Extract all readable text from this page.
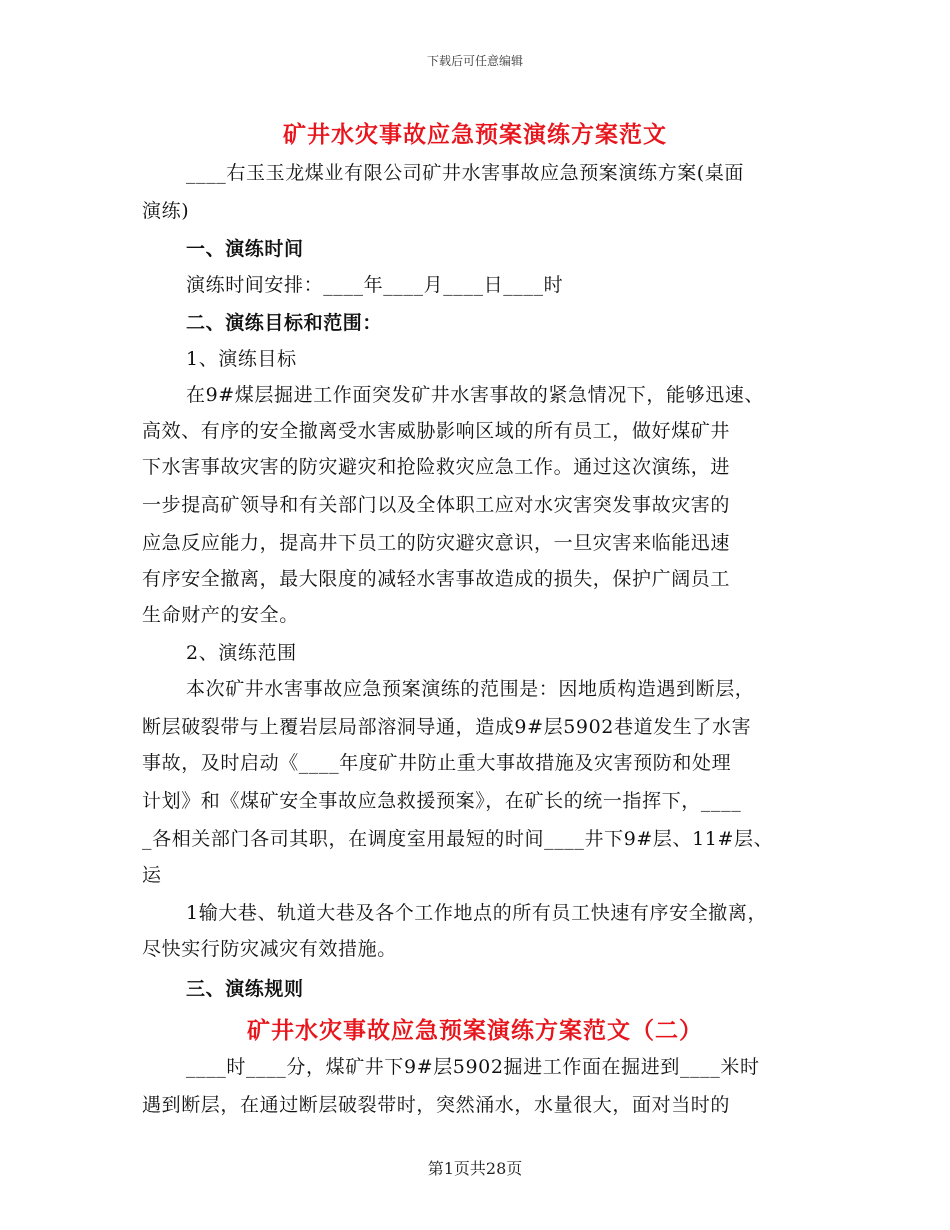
下载后可任意编辑
矿井水灾事故应急预案演练方案范文
____右玉玉龙煤业有限公司矿井水害事故应急预案演练方案(桌面
演练)
一、演练时间
演练时间安排：____年____月____日____时
二、演练目标和范围：
1、演练目标
在9#煤层掘进工作面突发矿井水害事故的紧急情况下，能够迅速、
高效、有序的安全撤离受水害威胁影响区域的所有员工，做好煤矿井
下水害事故灾害的防灾避灾和抢险救灾应急工作。通过这次演练，进
一步提高矿领导和有关部门以及全体职工应对水灾害突发事故灾害的
应急反应能力，提高井下员工的防灾避灾意识，一旦灾害来临能迅速
有序安全撤离，最大限度的减轻水害事故造成的损失，保护广阔员工
生命财产的安全。
2、演练范围
本次矿井水害事故应急预案演练的范围是：因地质构造遇到断层，
断层破裂带与上覆岩层局部溶洞导通，造成9#层5902巷道发生了水害
事故，及时启动《____年度矿井防止重大事故措施及灾害预防和处理
计划》和《煤矿安全事故应急救援预案》，在矿长的统一指挥下，____
_各相关部门各司其职，在调度室用最短的时间____井下9#层、11#层、
运
1输大巷、轨道大巷及各个工作地点的所有员工快速有序安全撤离，
尽快实行防灾减灾有效措施。
三、演练规则
矿井水灾事故应急预案演练方案范文（二）
____时____分，煤矿井下9#层5902掘进工作面在掘进到____米时
遇到断层，在通过断层破裂带时，突然涌水，水量很大，面对当时的
第1页共28页
